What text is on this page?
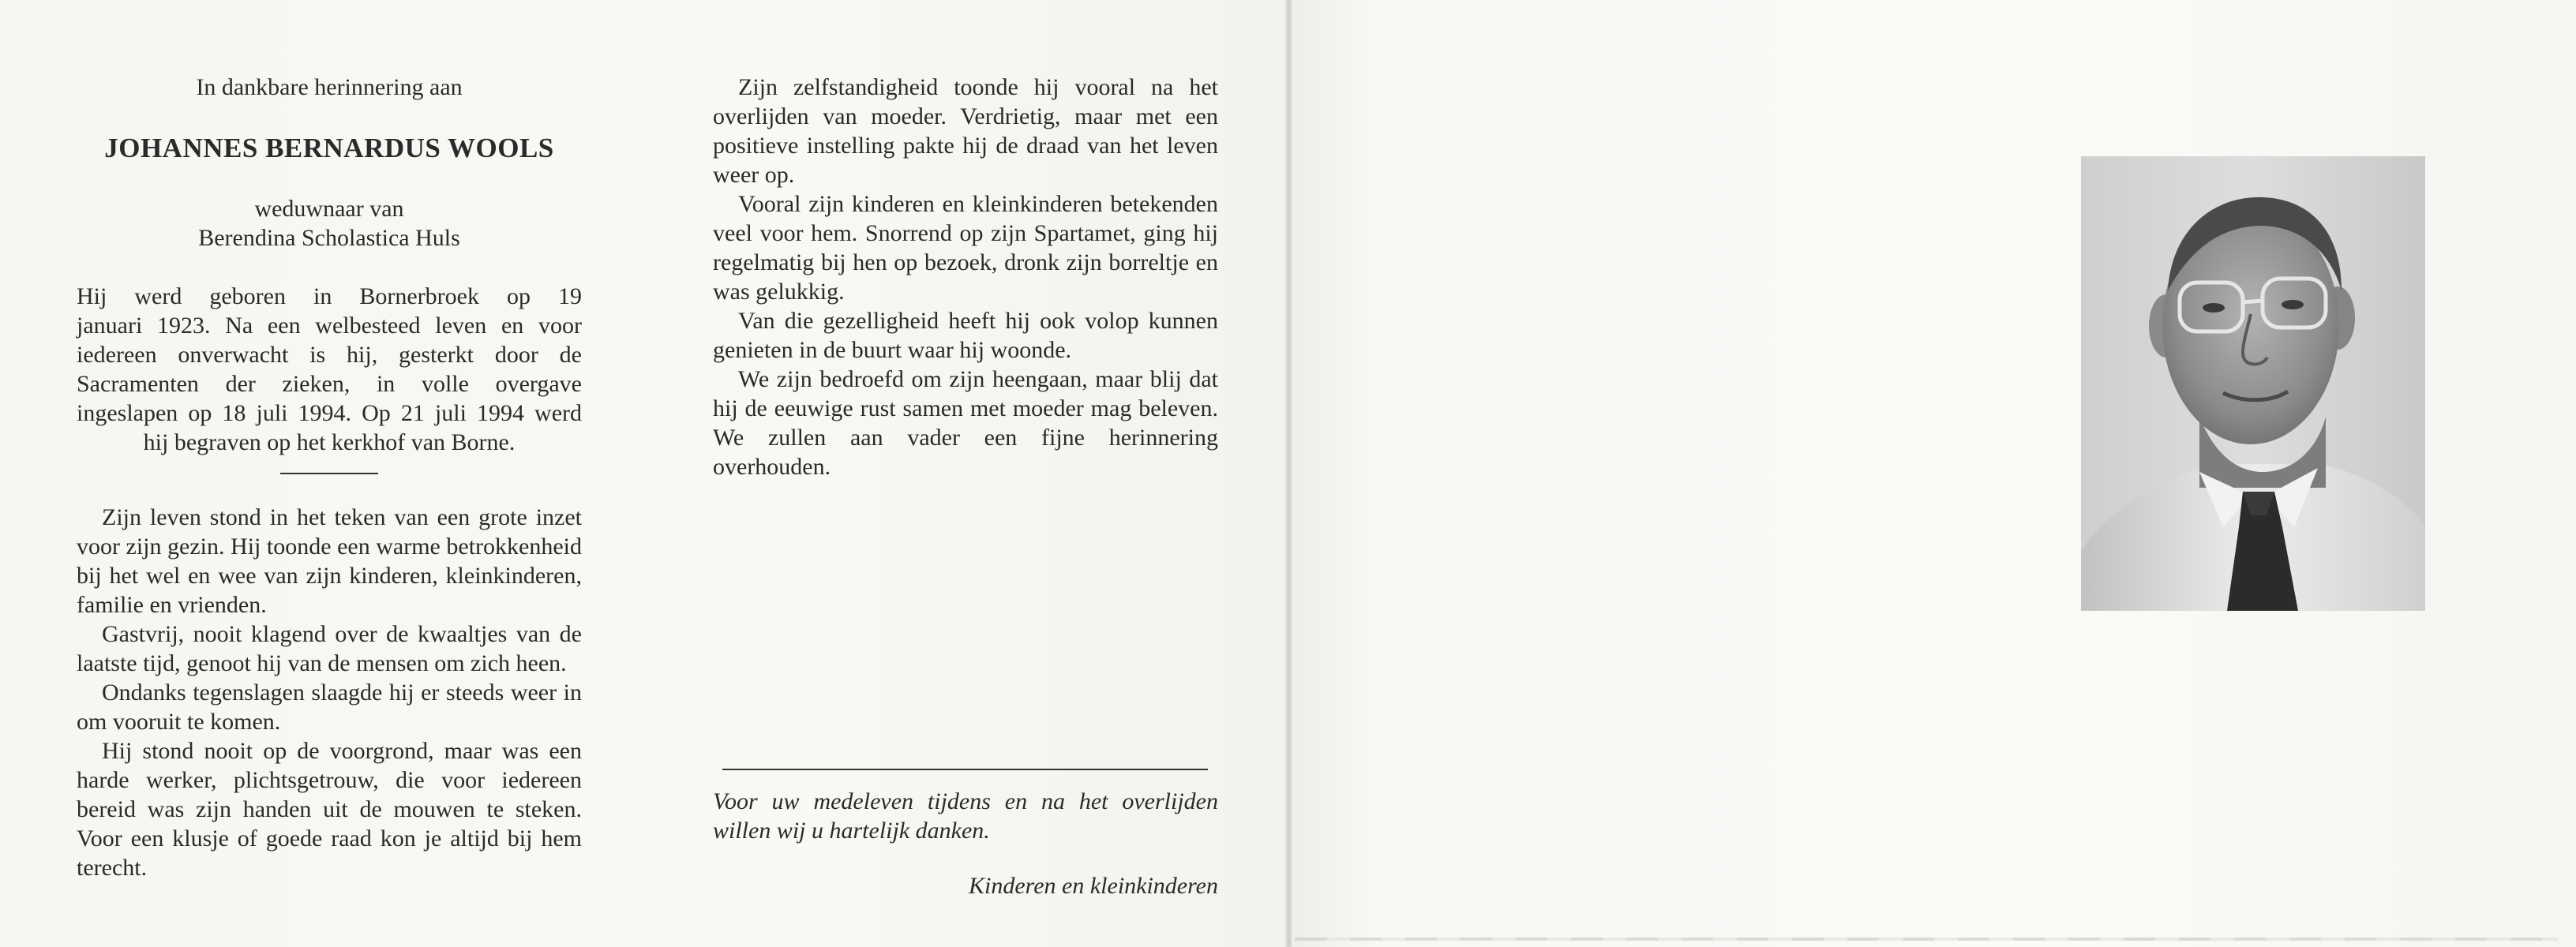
In dankbare herinnering aan
JOHANNES BERNARDUS WOOLS
weduwnaar van
Berendina Scholastica Huls
Hij werd geboren in Bornerbroek op 19
januari 1923. Na een welbesteed leven en voor
iedereen onverwacht is hij, gesterkt door de
Sacramenten der zieken, in volle overgave
ingeslapen op 18 juli 1994. Op 21 juli 1994 werd
hij begraven op het kerkhof van Borne.

Zijn leven stond in het teken van een grote inzet voor zijn gezin. Hij toonde een warme betrokkenheid bij het wel en wee van zijn kinderen, kleinkinderen, familie en vrienden.

Gastvrij, nooit klagend over de kwaaltjes van de laatste tijd, genoot hij van de mensen om zich heen.

Ondanks tegenslagen slaagde hij er steeds weer in om vooruit te komen.

Hij stond nooit op de voorgrond, maar was een harde werker, plichtsgetrouw, die voor iedereen bereid was zijn handen uit de mouwen te steken. Voor een klusje of goede raad kon je altijd bij hem terecht.

Zijn zelfstandigheid toonde hij vooral na het overlijden van moeder. Verdrietig, maar met een positieve instelling pakte hij de draad van het leven weer op.

Vooral zijn kinderen en kleinkinderen betekenden veel voor hem. Snorrend op zijn Spartamet, ging hij regelmatig bij hen op bezoek, dronk zijn borreltje en was gelukkig.

Van die gezelligheid heeft hij ook volop kunnen genieten in de buurt waar hij woonde.

We zijn bedroefd om zijn heengaan, maar blij dat hij de eeuwige rust samen met moeder mag beleven. We zullen aan vader een fijne herinnering overhouden.

Voor uw medeleven tijdens en na het overlijden willen wij u hartelijk danken.
Kinderen en kleinkinderen
